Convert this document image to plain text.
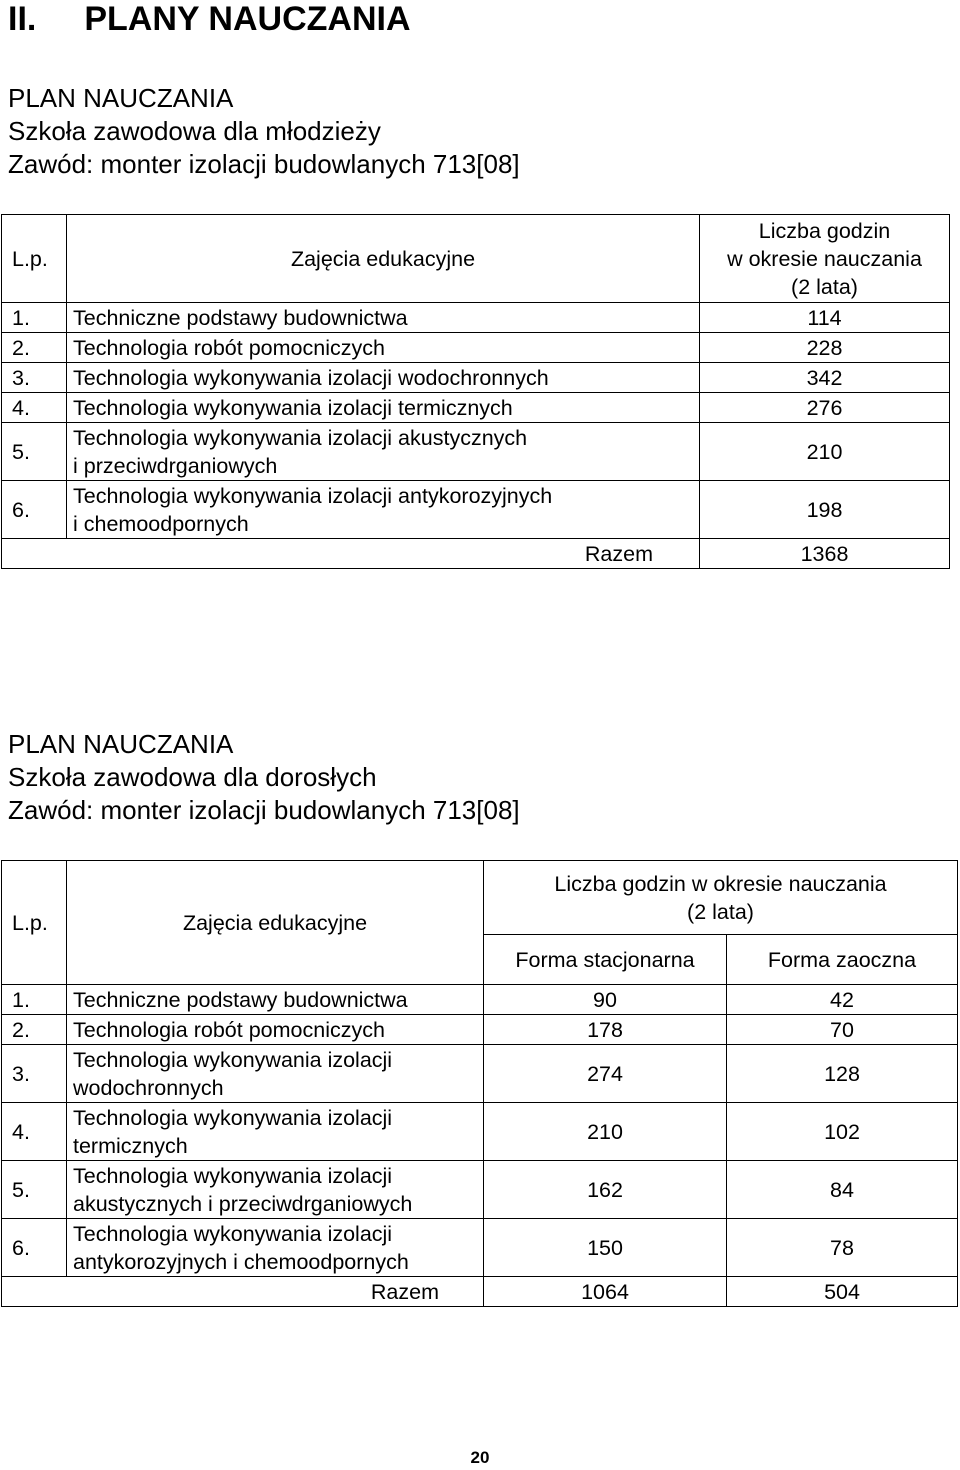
II. PLANY NAUCZANIA
PLAN NAUCZANIA
Szkoła zawodowa dla młodzieży
Zawód: monter izolacji budowlanych 713[08]
L.p.	Zajęcia edukacyjne	Liczba godzin
w okresie nauczania
(2 lata)

1.	Techniczne podstawy budownictwa	114
2.	Technologia robót pomocniczych	228
3.	Technologia wykonywania izolacji wodochronnych	342
4.	Technologia wykonywania izolacji termicznych	276
5.	Technologia wykonywania izolacji akustycznych
i przeciwdrganiowych	210
6.	Technologia wykonywania izolacji antykorozyjnych
i chemoodpornych	198
Razem		1368
PLAN NAUCZANIA
Szkoła zawodowa dla dorosłych
Zawód: monter izolacji budowlanych 713[08]
L.p.	Zajęcia edukacyjne	Liczba godzin w okresie nauczania
(2 lata)	

		Forma stacjonarna	Forma zaoczna
1.	Techniczne podstawy budownictwa	90	42
2.	Technologia robót pomocniczych	178	70
3.	Technologia wykonywania izolacji
wodochronnych	274	128
4.	Technologia wykonywania izolacji
termicznych	210	102
5.	Technologia wykonywania izolacji
akustycznych i przeciwdrganiowych	162	84
6.	Technologia wykonywania izolacji
antykorozyjnych i chemoodpornych	150	78
Razem		1064	504
20
